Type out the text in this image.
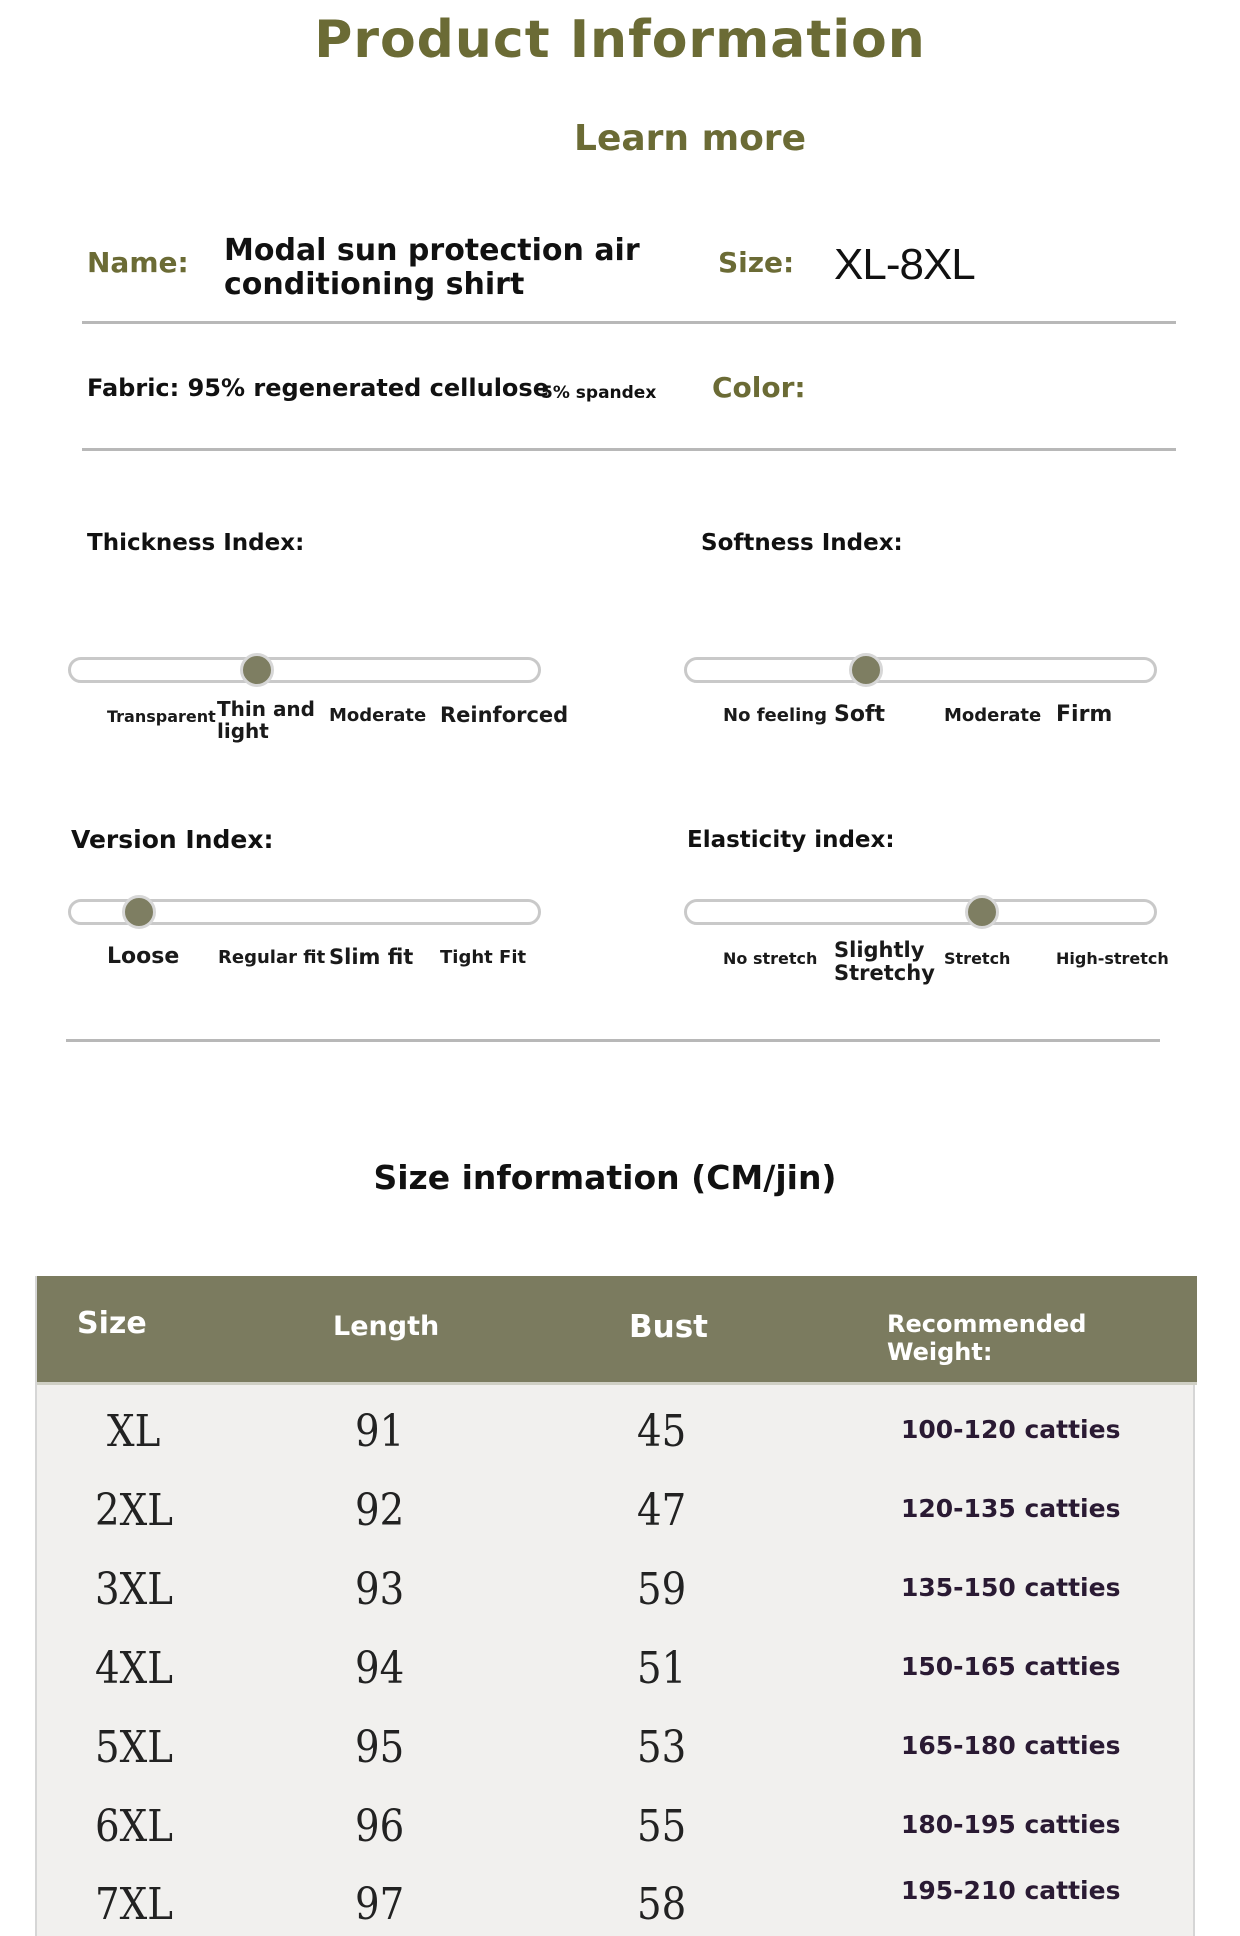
Product Information
Learn more
Name: Modal sun protection air
conditioning shirt
Size: XL-8XL
Fabric: 95% regenerated cellulose
5% spandex Color:
Thickness Index:
Transparent Thin and
light
Moderate Reinforced
Softness Index:
No feeling Soft	Moderate Firm
Version Index:
Loose Regular fit Slim fit Tight Fit
Elasticity index:
No stretch Slightly
Stretchy
Stretch	High-stretch
Size information (CM/jin)
Size	Length	Bust	Recommended Weight:
XL	91	45	100-120 catties
2XL	92	47	120-135 catties
3XL	93	59	135-150 catties
4XL	94	51	150-165 catties
5XL	95	53	165-180 catties
6XL	96	55	180-195 catties
7XL	97	58	195-210 catties
